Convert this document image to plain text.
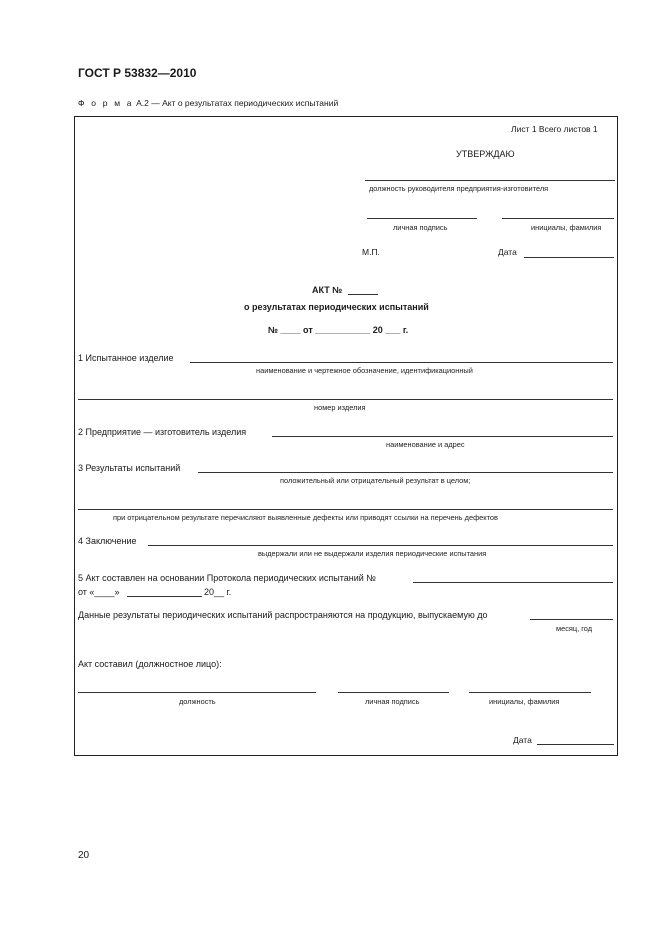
ГОСТ Р 53832—2010
Ф о р м а А.2 — Акт о результатах периодических испытаний
Лист 1 Всего листов 1
УТВЕРЖДАЮ
должность руководителя предприятия-изготовителя
личная подпись	инициалы, фамилия
М.П.	Дата
АКТ №
о результатах периодических испытаний
№ ____ от ___________ 20 ___ г.
1 Испытанное изделие
наименование и чертежное обозначение, идентификационный
номер изделия
2 Предприятие — изготовитель изделия
наименование и адрес
3 Результаты испытаний
положительный или отрицательный результат в целом;
при отрицательном результате перечисляют выявленные дефекты или приводят ссылки на перечень дефектов
4 Заключение
выдержали или не выдержали изделия периодические испытания
5 Акт составлен на основании Протокола периодических испытаний №
от «____»	20__ г.
Данные результаты периодических испытаний распространяются на продукцию, выпускаемую до
месяц, год
Акт составил (должностное лицо):
должность	личная подпись	инициалы, фамилия
Дата
20
